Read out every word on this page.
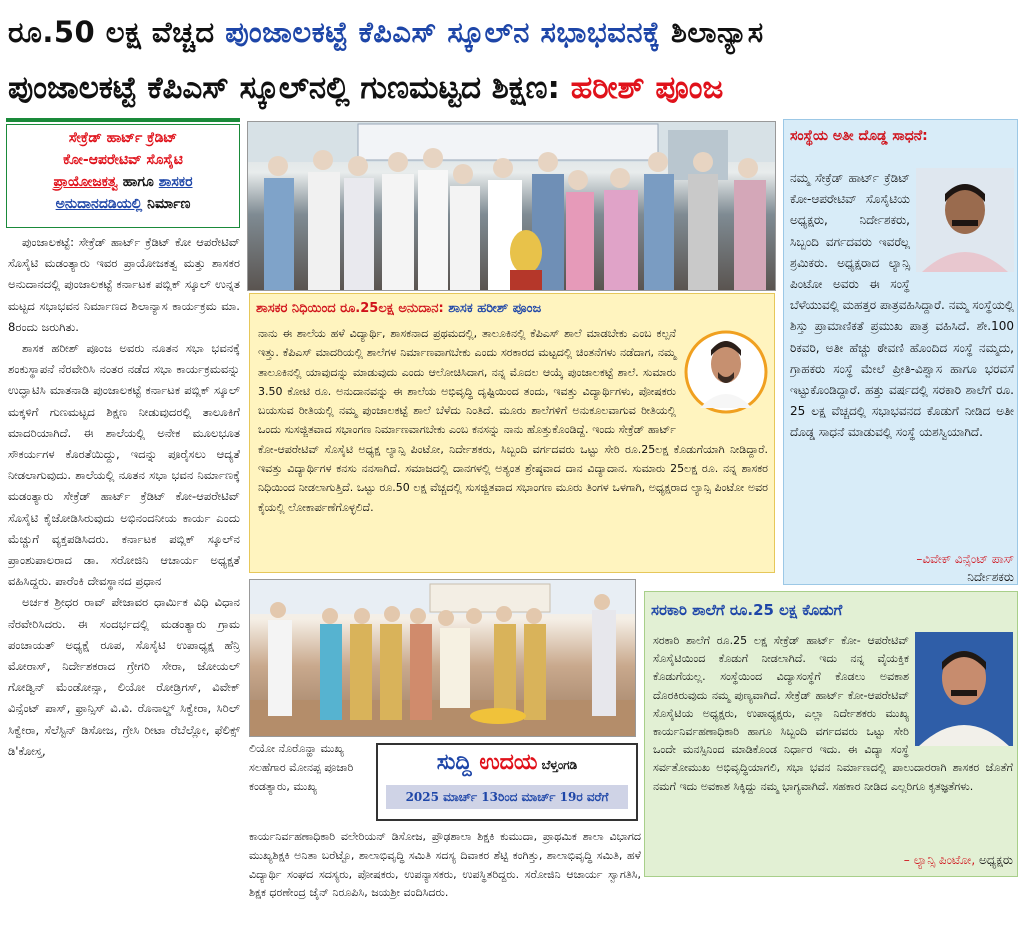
ರೂ.50 ಲಕ್ಷ ವೆಚ್ಚದ ಪುಂಜಾಲಕಟ್ಟೆ ಕೆಪಿಎಸ್ ಸ್ಕೂಲ್‌ನ ಸಭಾಭವನಕ್ಕೆ ಶಿಲಾನ್ಯಾಸ
ಪುಂಜಾಲಕಟ್ಟೆ ಕೆಪಿಎಸ್ ಸ್ಕೂಲ್‌ನಲ್ಲಿ ಗುಣಮಟ್ಟದ ಶಿಕ್ಷಣ: ಹರೀಶ್ ಪೂಂಜ
ಸೇಕ್ರೆಡ್ ಹಾರ್ಟ್ ಕ್ರೆಡಿಟ್
ಕೋ-ಆಪರೇಟಿವ್ ಸೊಸೈಟಿ
ಪ್ರಾಯೋಜಕತ್ವ ಹಾಗೂ ಶಾಸಕರ
ಅನುದಾನದಡಿಯಲ್ಲಿ ನಿರ್ಮಾಣ

ಪುಂಜಾಲಕಟ್ಟೆ: ಸೇಕ್ರೆಡ್ ಹಾರ್ಟ್ ಕ್ರೆಡಿಟ್ ಕೋ ಆಪರೇಟಿವ್ ಸೊಸೈಟಿ ಮಡಂತ್ಯಾರು ಇವರ ಪ್ರಾಯೋಜಕತ್ವ ಮತ್ತು ಶಾಸಕರ ಅನುದಾನದಲ್ಲಿ ಪುಂಜಾಲಕಟ್ಟೆ ಕರ್ನಾಟಕ ಪಬ್ಲಿಕ್ ಸ್ಕೂಲ್ ಉನ್ನತ ಮಟ್ಟದ ಸಭಾಭವನ ನಿರ್ಮಾಣದ ಶಿಲಾನ್ಯಾಸ ಕಾರ್ಯಕ್ರಮ ಮಾ. 8ರಂದು ಜರುಗಿತು.

ಶಾಸಕ ಹರೀಶ್ ಪೂಂಜ ಅವರು ನೂತನ ಸಭಾ ಭವನಕ್ಕೆ ಶಂಕುಸ್ಥಾಪನೆ ನೆರವೇರಿಸಿ ನಂತರ ನಡೆದ ಸಭಾ ಕಾರ್ಯಕ್ರಮವನ್ನು ಉದ್ಘಾಟಿಸಿ ಮಾತನಾಡಿ ಪುಂಜಾಲಕಟ್ಟೆ ಕರ್ನಾಟಕ ಪಬ್ಲಿಕ್ ಸ್ಕೂಲ್ ಮಕ್ಕಳಿಗೆ ಗುಣಮಟ್ಟದ ಶಿಕ್ಷಣ ನೀಡುವುದರಲ್ಲಿ ತಾಲೂಕಿಗೆ ಮಾದರಿಯಾಗಿದೆ. ಈ ಶಾಲೆಯಲ್ಲಿ ಅನೇಕ ಮೂಲಭೂತ ಸೌಕರ್ಯಗಳ ಕೊರತೆಯಿದ್ದು, ಇದನ್ನು ಪೂರೈಸಲು ಆದ್ಯತೆ ನೀಡಲಾಗುವುದು. ಶಾಲೆಯಲ್ಲಿ ನೂತನ ಸಭಾ ಭವನ ನಿರ್ಮಾಣಕ್ಕೆ ಮಡಂತ್ಯಾರು ಸೇಕ್ರೆಡ್ ಹಾರ್ಟ್ ಕ್ರೆಡಿಟ್ ಕೋ-ಆಪರೇಟಿವ್ ಸೊಸೈಟಿ ಕೈಜೋಡಿಸಿರುವುದು ಅಭಿನಂದನೀಯ ಕಾರ್ಯ ಎಂದು ಮೆಚ್ಚುಗೆ ವ್ಯಕ್ತಪಡಿಸಿದರು. ಕರ್ನಾಟಕ ಪಬ್ಲಿಕ್ ಸ್ಕೂಲ್‌ನ ಪ್ರಾಂಶುಪಾಲರಾದ ಡಾ. ಸರೋಜಿನಿ ಆಚಾರ್ಯ ಅಧ್ಯಕ್ಷತೆ ವಹಿಸಿದ್ದರು. ಪಾರೆಂಕಿ ದೇವಸ್ಥಾನದ ಪ್ರಧಾನ

ಅರ್ಚಕ ಶ್ರೀಧರ ರಾವ್ ಪೇಜಾವರ ಧಾರ್ಮಿಕ ವಿಧಿ ವಿಧಾನ ನೆರವೇರಿಸಿದರು. ಈ ಸಂದರ್ಭದಲ್ಲಿ ಮಡಂತ್ಯಾರು ಗ್ರಾಮ ಪಂಚಾಯತ್ ಅಧ್ಯಕ್ಷೆ ರೂಪ, ಸೊಸೈಟಿ ಉಪಾಧ್ಯಕ್ಷ ಹೆನ್ರಿ ಮೋರಾಸ್, ನಿರ್ದೇಶಕರಾದ ಗ್ರೇಗರಿ ಸೇರಾ, ಜೋಯಲ್ ಗೋಡ್ವಿನ್ ಮೆಂಡೋನ್ಸಾ, ಲಿಯೋ ರೋಡ್ರಿಗಸ್, ವಿವೇಕ್ ವಿನ್ಸೆಂಟ್ ಪಾಸ್, ಫ್ರಾನ್ಸಿಸ್ ವಿ.ವಿ. ರೊನಾಲ್ಡ್ ಸಿಕ್ವೇರಾ, ಸಿರಿಲ್ ಸಿಕ್ವೇರಾ, ಸೆಲೆಸ್ಟಿನ್ ಡಿಸೋಜ, ಗ್ರೇಸಿ ರೀಟಾ ರೆಬೆಲ್ಲೋ, ಫೆಲಿಕ್ಸ್ ಡಿ'ಕೋಸ್ತ,

ಶಾಸಕರ ನಿಧಿಯಿಂದ ರೂ.25ಲಕ್ಷ ಅನುದಾನ: ಶಾಸಕ ಹರೀಶ್ ಪೂಂಜ
ನಾನು ಈ ಶಾಲೆಯ ಹಳೆ ವಿದ್ಯಾರ್ಥಿ, ಶಾಸಕನಾದ ಪ್ರಥಮದಲ್ಲಿ, ತಾಲೂಕಿನಲ್ಲಿ ಕೆಪಿಎಸ್ ಶಾಲೆ ಮಾಡಬೇಕು ಎಂಬ ಕಲ್ಪನೆ ಇತ್ತು. ಕೆಪಿಎಸ್ ಮಾದರಿಯಲ್ಲಿ ಶಾಲೆಗಳ ನಿರ್ಮಾಣವಾಗಬೇಕು ಎಂದು ಸರಕಾರದ ಮಟ್ಟದಲ್ಲಿ ಚಿಂತನೆಗಳು ನಡೆದಾಗ, ನಮ್ಮ ತಾಲೂಕಿನಲ್ಲಿ ಯಾವುದನ್ನು ಮಾಡುವುದು ಎಂದು ಆಲೋಚಿಸಿದಾಗ, ನನ್ನ ಮೊದಲ ಆಯ್ಕೆ ಪುಂಜಾಲಕಟ್ಟೆ ಶಾಲೆ. ಸುಮಾರು 3.50 ಕೋಟಿ ರೂ. ಅನುದಾನವನ್ನು ಈ ಶಾಲೆಯ ಅಭಿವೃದ್ಧಿ ದೃಷ್ಟಿಯಿಂದ ತಂದು, ಇವತ್ತು ವಿದ್ಯಾರ್ಥಿಗಳು, ಪೋಷಕರು ಬಯಸುವ ರೀತಿಯಲ್ಲಿ ನಮ್ಮ ಪುಂಜಾಲಕಟ್ಟೆ ಶಾಲೆ ಬೆಳೆದು ನಿಂತಿದೆ. ಮೂರು ಶಾಲೆಗಳಿಗೆ ಅನುಕೂಲವಾಗುವ ರೀತಿಯಲ್ಲಿ ಒಂದು ಸುಸಜ್ಜಿತವಾದ ಸಭಾಂಗಣ ನಿರ್ಮಾಣವಾಗಬೇಕು ಎಂಬ ಕನಸನ್ನು ನಾನು ಹೊತ್ತುಕೊಂಡಿದ್ದೆ. ಇಂದು ಸೇಕ್ರೆಡ್ ಹಾರ್ಟ್ ಕೋ-ಆಪರೇಟಿವ್ ಸೊಸೈಟಿ ಅಧ್ಯಕ್ಷ ಲ್ಯಾನ್ಸಿ ಪಿಂಟೋ, ನಿರ್ದೇಶಕರು, ಸಿಬ್ಬಂದಿ ವರ್ಗದವರು ಒಟ್ಟು ಸೇರಿ ರೂ.25ಲಕ್ಷ ಕೊಡುಗೆಯಾಗಿ ನೀಡಿದ್ದಾರೆ. ಇವತ್ತು ವಿದ್ಯಾರ್ಥಿಗಳ ಕನಸು ನನಸಾಗಿದೆ. ಸಮಾಜದಲ್ಲಿ ದಾನಗಳಲ್ಲಿ ಅತ್ಯಂತ ಶ್ರೇಷ್ಠವಾದ ದಾನ ವಿದ್ಯಾದಾನ. ಸುಮಾರು 25ಲಕ್ಷ ರೂ. ನನ್ನ ಶಾಸಕರ ನಿಧಿಯಿಂದ ನೀಡಲಾಗುತ್ತಿದೆ. ಒಟ್ಟು ರೂ.50 ಲಕ್ಷ ವೆಚ್ಚದಲ್ಲಿ ಸುಸಜ್ಜಿತವಾದ ಸಭಾಂಗಣ ಮೂರು ತಿಂಗಳ ಒಳಗಾಗಿ, ಅಧ್ಯಕ್ಷರಾದ ಲ್ಯಾನ್ಸಿ ಪಿಂಟೋ ಅವರ ಕೈಯಲ್ಲಿ ಲೋಕಾರ್ಪಣೆಗೊಳ್ಳಲಿದೆ.
ಸಂಸ್ಥೆಯ ಅತೀ ದೊಡ್ಡ ಸಾಧನೆ:
ನಮ್ಮ ಸೇಕ್ರೆಡ್ ಹಾರ್ಟ್ ಕ್ರೆಡಿಟ್ ಕೋ-ಆಪರೇಟಿವ್ ಸೊಸೈಟಿಯ ಅಧ್ಯಕ್ಷರು, ನಿರ್ದೇಶಕರು, ಸಿಬ್ಬಂದಿ ವರ್ಗದವರು ಇವರೆಲ್ಲ ಶ್ರಮಿಕರು. ಅಧ್ಯಕ್ಷರಾದ ಲ್ಯಾನ್ಸಿ ಪಿಂಟೋ ಅವರು ಈ ಸಂಸ್ಥೆ ಬೆಳೆಯುವಲ್ಲಿ ಮಹತ್ತರ ಪಾತ್ರವಹಿಸಿದ್ದಾರೆ. ನಮ್ಮ ಸಂಸ್ಥೆಯಲ್ಲಿ ಶಿಸ್ತು ಪ್ರಾಮಾಣಿಕತೆ ಪ್ರಮುಖ ಪಾತ್ರ ವಹಿಸಿದೆ. ಶೇ.100 ರಿಕವರಿ, ಅತೀ ಹೆಚ್ಚು ಠೇವಣಿ ಹೊಂದಿದ ಸಂಸ್ಥೆ ನಮ್ಮದು, ಗ್ರಾಹಕರು ಸಂಸ್ಥೆ ಮೇಲೆ ಪ್ರೀತಿ-ವಿಶ್ವಾಸ ಹಾಗೂ ಭರವಸೆ ಇಟ್ಟುಕೊಂಡಿದ್ದಾರೆ. ಹತ್ತು ವರ್ಷದಲ್ಲಿ ಸರಕಾರಿ ಶಾಲೆಗೆ ರೂ. 25 ಲಕ್ಷ ವೆಚ್ಚದಲ್ಲಿ ಸಭಾಭವನದ ಕೊಡುಗೆ ನೀಡಿದ ಅತೀ ದೊಡ್ಡ ಸಾಧನೆ ಮಾಡುವಲ್ಲಿ ಸಂಸ್ಥೆ ಯಶಸ್ವಿಯಾಗಿದೆ.
–ವಿವೇಕ್ ವಿನ್ಸೆಂಟ್ ಪಾಸ್
ನಿರ್ದೇಶಕರು
ಸರಕಾರಿ ಶಾಲೆಗೆ ರೂ.25 ಲಕ್ಷ ಕೊಡುಗೆ
ಸರಕಾರಿ ಶಾಲೆಗೆ ರೂ.25 ಲಕ್ಷ ಸೇಕ್ರೆಡ್ ಹಾರ್ಟ್ ಕೋ- ಆಪರೇಟಿವ್ ಸೊಸೈಟಿಯಿಂದ ಕೊಡುಗೆ ನೀಡಲಾಗಿದೆ. ಇದು ನನ್ನ ವೈಯಕ್ತಿಕ ಕೊಡುಗೆಯಲ್ಲ. ಸಂಸ್ಥೆಯಿಂದ ವಿದ್ಯಾಸಂಸ್ಥೆಗೆ ಕೊಡಲು ಅವಕಾಶ ದೊರಕಿರುವುದು ನಮ್ಮ ಪುಣ್ಯವಾಗಿದೆ. ಸೇಕ್ರೆಡ್ ಹಾರ್ಟ್ ಕೋ-ಆಪರೇಟಿವ್ ಸೊಸೈಟಿಯ ಅಧ್ಯಕ್ಷರು, ಉಪಾಧ್ಯಕ್ಷರು, ಎಲ್ಲಾ ನಿರ್ದೇಶಕರು ಮುಖ್ಯ ಕಾರ್ಯನಿರ್ವಹಣಾಧಿಕಾರಿ ಹಾಗೂ ಸಿಬ್ಬಂದಿ ವರ್ಗದವರು ಒಟ್ಟು ಸೇರಿ ಒಂದೇ ಮನಸ್ಸಿನಿಂದ ಮಾಡಿಕೊಂಡ ನಿರ್ಧಾರ ಇದು. ಈ ವಿದ್ಯಾ ಸಂಸ್ಥೆ ಸರ್ವತೋಮುಖ ಅಭಿವೃದ್ಧಿಯಾಗಲಿ, ಸಭಾ ಭವನ ನಿರ್ಮಾಣದಲ್ಲಿ ಪಾಲುದಾರರಾಗಿ ಶಾಸಕರ ಜೊತೆಗೆ ನಮಗೆ ಇದು ಅವಕಾಶ ಸಿಕ್ಕಿದ್ದು ನಮ್ಮ ಭಾಗ್ಯವಾಗಿದೆ. ಸಹಕಾರ ನೀಡಿದ ಎಲ್ಲರಿಗೂ ಕೃತಜ್ಞತೆಗಳು.
– ಲ್ಯಾನ್ಸಿ ಪಿಂಟೋ, ಅಧ್ಯಕ್ಷರು
ಲಿಯೋ ನೊರೊನ್ಹಾ ಮುಖ್ಯ ಸಲಹೆಗಾರ ಮೋನಪ್ಪ ಪೂಜಾರಿ ಕಂಡತ್ಯಾರು, ಮುಖ್ಯ
ಸುದ್ದಿ ಉದಯ ಬೆಳ್ತಂಗಡಿ
2025 ಮಾರ್ಚ್ 13ರಿಂದ ಮಾರ್ಚ್ 19ರ ವರೆಗೆ
ಕಾರ್ಯನಿರ್ವಹಣಾಧಿಕಾರಿ ವಲೇರಿಯನ್ ಡಿಸೋಜ, ಪ್ರೌಢಶಾಲಾ ಶಿಕ್ಷಕಿ ಕುಮುದಾ, ಪ್ರಾಥಮಿಕ ಶಾಲಾ ವಿಭಾಗದ ಮುಖ್ಯಶಿಕ್ಷಕಿ ಅನಿತಾ ಬರೆಟ್ಟೊ, ಶಾಲಾಭಿವೃದ್ಧಿ ಸಮಿತಿ ಸದಸ್ಯ ದಿವಾಕರ ಶೆಟ್ಟಿ ಕಂಗಿತ್ತು, ಶಾಲಾಭಿವೃದ್ಧಿ ಸಮಿತಿ, ಹಳೆ ವಿದ್ಯಾರ್ಥಿ ಸಂಘದ ಸದಸ್ಯರು, ಪೋಷಕರು, ಉಪನ್ಯಾಸಕರು, ಉಪಸ್ಥಿತರಿದ್ದರು. ಸರೋಜಿನಿ ಆಚಾರ್ಯ ಸ್ವಾಗತಿಸಿ, ಶಿಕ್ಷಕ ಧರಣೇಂದ್ರ ಜೈನ್ ನಿರೂಪಿಸಿ, ಜಯಶ್ರೀ ವಂದಿಸಿದರು.
